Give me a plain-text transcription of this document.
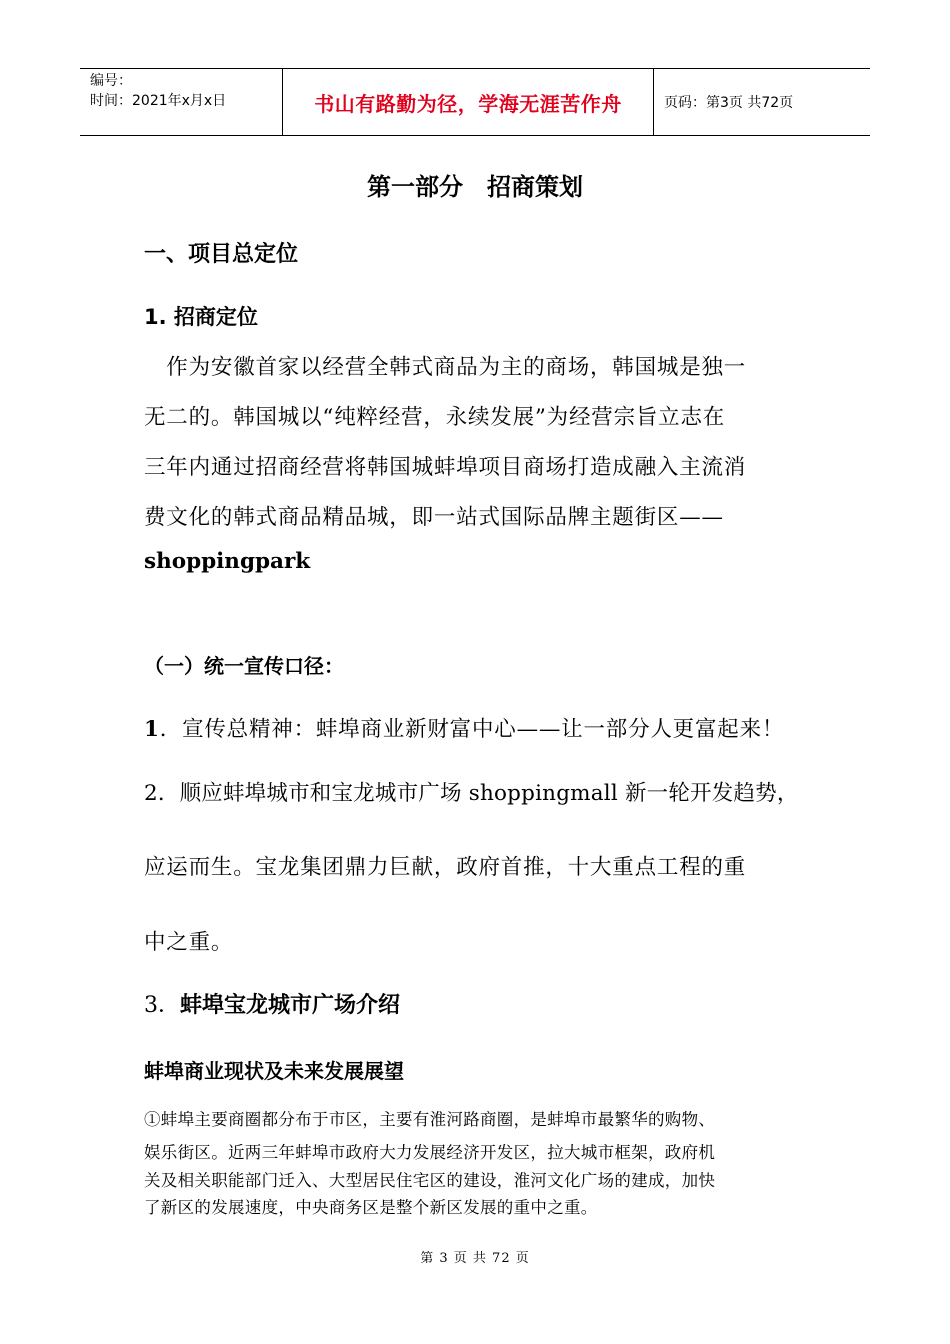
编号：
时间：2021年x月x日	书山有路勤为径，学海无涯苦作舟	页码：第3页 共72页
第一部分　招商策划
一、项目总定位
1. 招商定位
　作为安徽首家以经营全韩式商品为主的商场，韩国城是独一
无二的。韩国城以“纯粹经营，永续发展”为经营宗旨立志在
三年内通过招商经营将韩国城蚌埠项目商场打造成融入主流消
费文化的韩式商品精品城，即一站式国际品牌主题街区——
shoppingpark
（一）统一宣传口径：
1．宣传总精神：蚌埠商业新财富中心——让一部分人更富起来！
2．顺应蚌埠城市和宝龙城市广场 shoppingmall 新一轮开发趋势，
应运而生。宝龙集团鼎力巨献，政府首推，十大重点工程的重
中之重。
3．蚌埠宝龙城市广场介绍
蚌埠商业现状及未来发展展望
①蚌埠主要商圈都分布于市区，主要有淮河路商圈，是蚌埠市最繁华的购物、
娱乐街区。近两三年蚌埠市政府大力发展经济开发区，拉大城市框架，政府机
关及相关职能部门迁入、大型居民住宅区的建设，淮河文化广场的建成，加快
了新区的发展速度，中央商务区是整个新区发展的重中之重。
第 3 页 共 72 页
